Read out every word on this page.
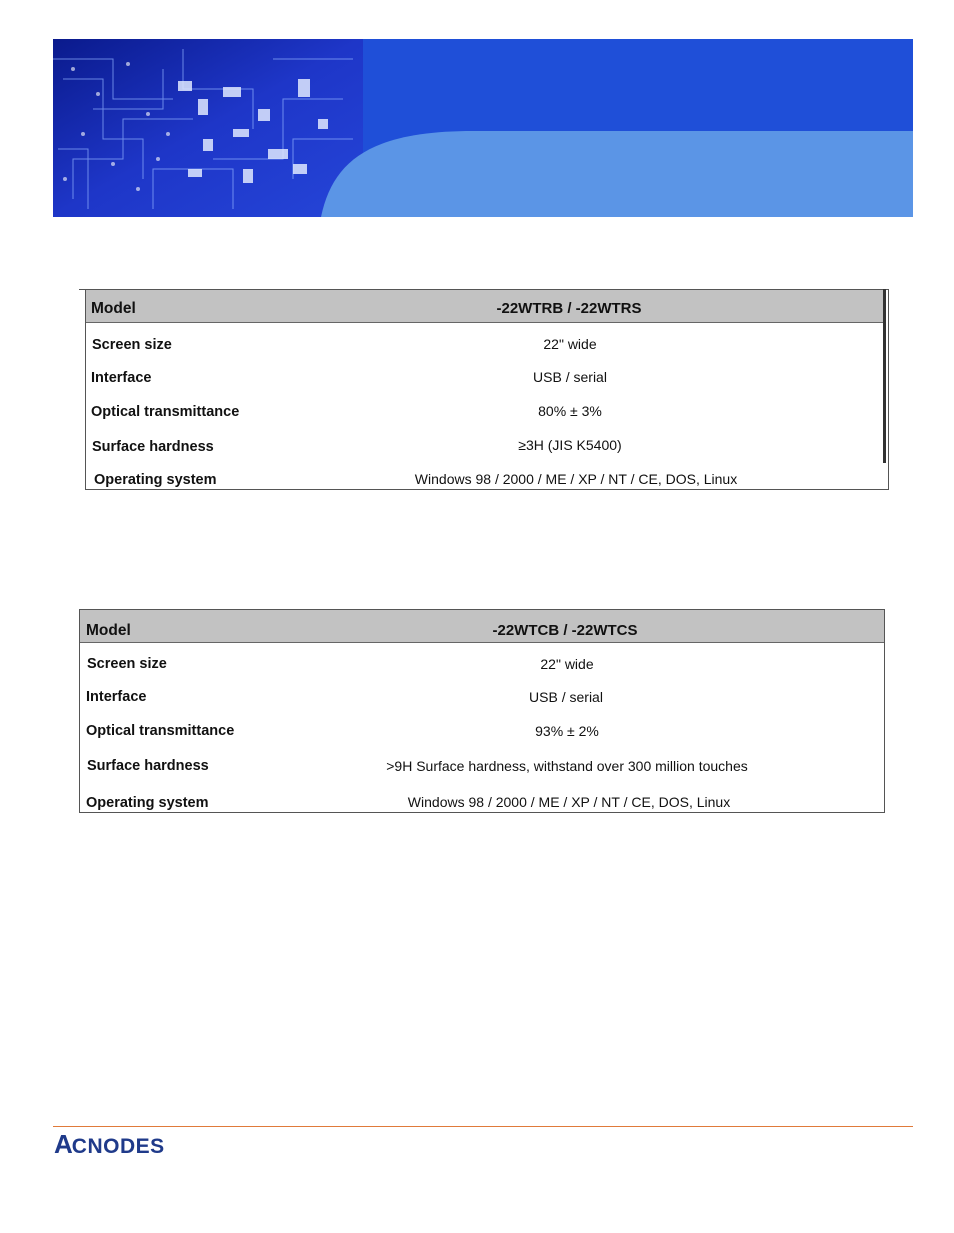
Model	-22WTRB / -22WTRS
Screen size	22" wide
Interface	USB / serial
Optical transmittance	80% ± 3%
Surface hardness	≥3H (JIS K5400)
Operating system	Windows 98 / 2000 / ME / XP / NT / CE, DOS, Linux
Model	-22WTCB / -22WTCS
Screen size	22" wide
Interface	USB / serial
Optical transmittance	93% ± 2%
Surface hardness	>9H Surface hardness, withstand over 300 million touches
Operating system	Windows 98 / 2000 / ME / XP / NT / CE, DOS, Linux
ACNODES
